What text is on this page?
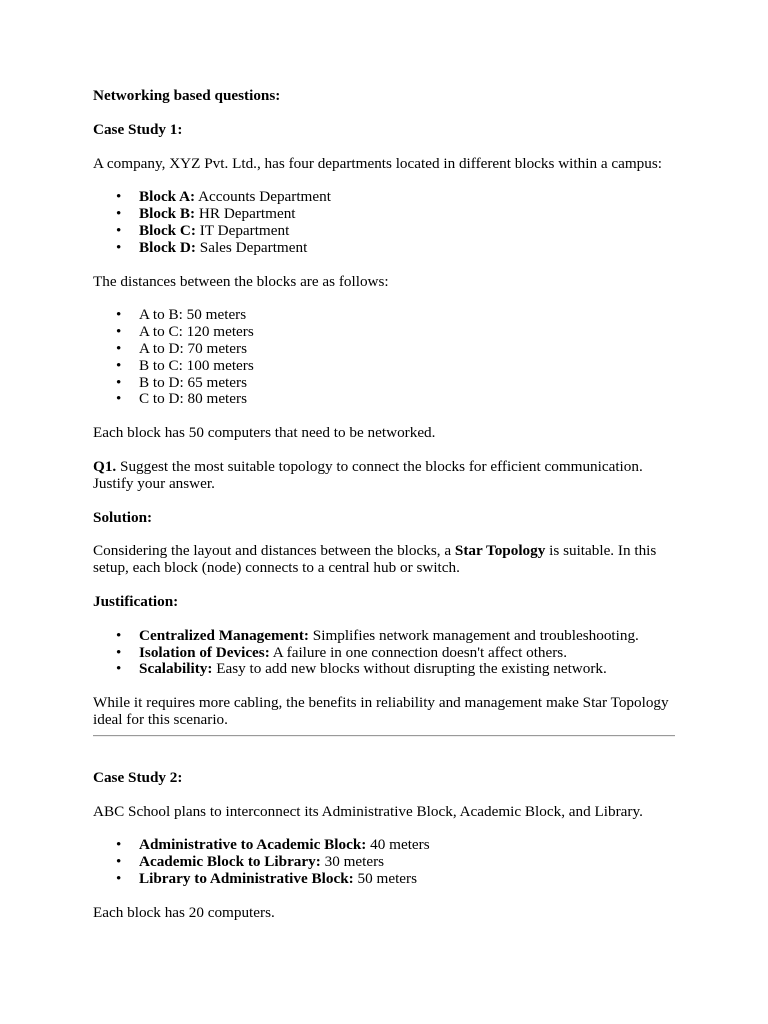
Networking based questions:

Case Study 1:

A company, XYZ Pvt. Ltd., has four departments located in different blocks within a campus:

• Block A: Accounts Department
• Block B: HR Department
• Block C: IT Department
• Block D: Sales Department

The distances between the blocks are as follows:

• A to B: 50 meters
• A to C: 120 meters
• A to D: 70 meters
• B to C: 100 meters
• B to D: 65 meters
• C to D: 80 meters

Each block has 50 computers that need to be networked.

Q1. Suggest the most suitable topology to connect the blocks for efficient communication. Justify your answer.

Solution:

Considering the layout and distances between the blocks, a Star Topology is suitable. In this setup, each block (node) connects to a central hub or switch.

Justification:

• Centralized Management: Simplifies network management and troubleshooting.
• Isolation of Devices: A failure in one connection doesn't affect others.
• Scalability: Easy to add new blocks without disrupting the existing network.

While it requires more cabling, the benefits in reliability and management make Star Topology ideal for this scenario.

Case Study 2:

ABC School plans to interconnect its Administrative Block, Academic Block, and Library.

• Administrative to Academic Block: 40 meters
• Academic Block to Library: 30 meters
• Library to Administrative Block: 50 meters

Each block has 20 computers.
